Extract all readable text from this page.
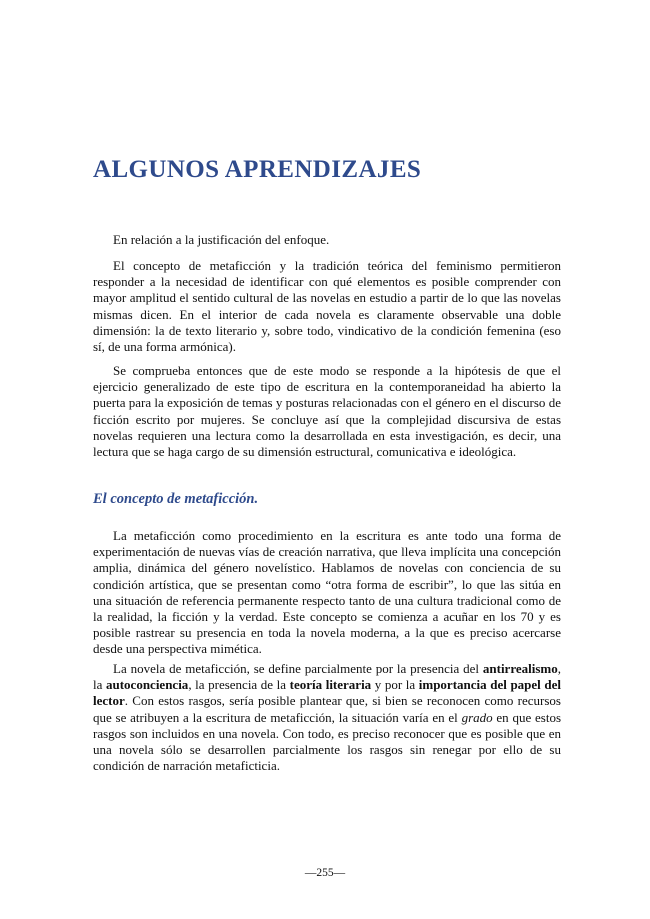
ALGUNOS APRENDIZAJES

En relación a la justificación del enfoque.

El concepto de metaficción y la tradición teórica del feminismo permitieron responder a la necesidad de identificar con qué elementos es posible comprender con mayor amplitud el sentido cultural de las novelas en estudio a partir de lo que las novelas mismas dicen. En el interior de cada novela es claramente observable una doble dimensión: la de texto literario y, sobre todo, vindicativo de la condición femenina (eso sí, de una forma armónica).

Se comprueba entonces que de este modo se responde a la hipótesis de que el ejercicio generalizado de este tipo de escritura en la contemporaneidad ha abierto la puerta para la exposición de temas y posturas relacionadas con el género en el discurso de ficción escrito por mujeres. Se concluye así que la complejidad discursiva de estas novelas requieren una lectura como la desarrollada en esta investigación, es decir, una lectura que se haga cargo de su dimensión estructural, comunicativa e ideológica.

El concepto de metaficción.

La metaficción como procedimiento en la escritura es ante todo una forma de experimentación de nuevas vías de creación narrativa, que lleva implícita una concepción amplia, dinámica del género novelístico. Hablamos de novelas con conciencia de su condición artística, que se presentan como “otra forma de escribir”, lo que las sitúa en una situación de referencia permanente respecto tanto de una cultura tradicional como de la realidad, la ficción y la verdad. Este concepto se comienza a acuñar en los 70 y es posible rastrear su presencia en toda la novela moderna, a la que es preciso acercarse desde una perspectiva mimética.

La novela de metaficción, se define parcialmente por la presencia del antirrealismo, la autoconciencia, la presencia de la teoría literaria y por la importancia del papel del lector. Con estos rasgos, sería posible plantear que, si bien se reconocen como recursos que se atribuyen a la escritura de metaficción, la situación varía en el grado en que estos rasgos son incluidos en una novela. Con todo, es preciso reconocer que es posible que en una novela sólo se desarrollen parcialmente los rasgos sin renegar por ello de su condición de narración metaficticia.

—255—
